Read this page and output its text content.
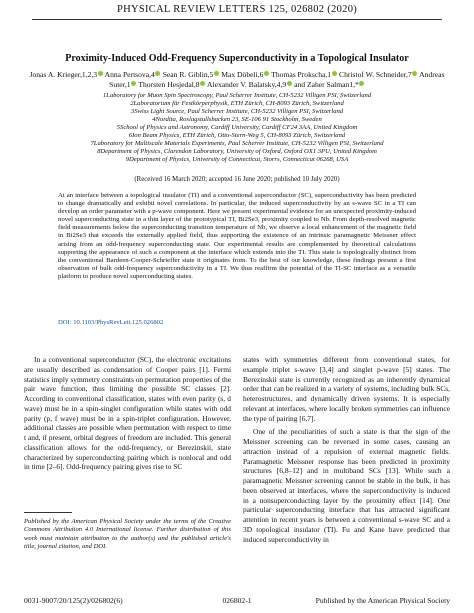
PHYSICAL REVIEW LETTERS 125, 026802 (2020)
Proximity-Induced Odd-Frequency Superconductivity in a Topological Insulator
Jonas A. Krieger,1,2,3 Anna Pertsova,4 Sean R. Giblin,5 Max Döbeli,6 Thomas Prokscha,1 Christof W. Schneider,7 Andreas Suter,1 Thorsten Hesjedal,8 Alexander V. Balatsky,4,9 and Zaher Salman1,*
1Laboratory for Muon Spin Spectroscopy, Paul Scherrer Institute, CH-5232 Villigen PSI, Switzerland
2Laboratorium für Festkörperphysik, ETH Zürich, CH-8093 Zürich, Switzerland
3Swiss Light Source, Paul Scherrer Institute, CH-5232 Villigen PSI, Switzerland
4Nordita, Roslagstullsbacken 23, SE-106 91 Stockholm, Sweden
5School of Physics and Astronomy, Cardiff University, Cardiff CF24 3AA, United Kingdom
6Ion Beam Physics, ETH Zürich, Otto-Stern-Weg 5, CH-8093 Zürich, Switzerland
7Laboratory for Multiscale Materials Experiments, Paul Scherrer Institute, CH-5232 Villigen PSI, Switzerland
8Department of Physics, Clarendon Laboratory, University of Oxford, Oxford OX1 3PU, United Kingdom
9Department of Physics, University of Connecticut, Storrs, Connecticut 06268, USA
(Received 16 March 2020; accepted 16 June 2020; published 10 July 2020)
At an interface between a topological insulator (TI) and a conventional superconductor (SC), superconductivity has been predicted to change dramatically and exhibit novel correlations. In particular, the induced superconductivity by an s-wave SC in a TI can develop an order parameter with a p-wave component. Here we present experimental evidence for an unexpected proximity-induced novel superconducting state in a thin layer of the prototypical TI, Bi2Se3, proximity coupled to Nb. From depth-resolved magnetic field measurements below the superconducting transition temperature of Nb, we observe a local enhancement of the magnetic field in Bi2Se3 that exceeds the externally applied field, thus supporting the existence of an intrinsic paramagnetic Meissner effect arising from an odd-frequency superconducting state. Our experimental results are complemented by theoretical calculations supporting the appearance of such a component at the interface which extends into the TI. This state is topologically distinct from the conventional Bardeen-Cooper-Schrieffer state it originates from. To the best of our knowledge, these findings present a first observation of bulk odd-frequency superconductivity in a TI. We thus reaffirm the potential of the TI-SC interface as a versatile platform to produce novel superconducting states.
DOI: 10.1103/PhysRevLett.125.026802
In a conventional superconductor (SC), the electronic excitations are usually described as condensation of Cooper pairs [1]. Fermi statistics imply symmetry constraints on permutation properties of the pair wave function, thus limiting the possible SC classes [2]. According to conventional classification, states with even parity (s, d wave) must be in a spin-singlet configuration while states with odd parity (p, f wave) must be in a spin-triplet configuration. However, additional classes are possible when permutation with respect to time t and, if present, orbital degrees of freedom are included. This general classification allows for the odd-frequency, or Berezinskii, state characterized by superconducting pairing which is nonlocal and odd in time [2–6]. Odd-frequency pairing gives rise to SC
states with symmetries different from conventional states, for example triplet s-wave [3,4] and singlet p-wave [5] states. The Berezinskii state is currently recognized as an inherently dynamical order that can be realized in a variety of systems, including bulk SCs, heterostructures, and dynamically driven systems. It is especially relevant at interfaces, where locally broken symmetries can influence the type of pairing [6,7].
One of the peculiarities of such a state is that the sign of the Meissner screening can be reversed in some cases, causing an attraction instead of a repulsion of external magnetic fields. Paramagnetic Meissner response has been predicted in proximity structures [6,8–12] and in multiband SCs [13]. While such a paramagnetic Meissner screening cannot be stable in the bulk, it has been observed at interfaces, where the superconductivity is induced in a nonsuperconducting layer by the proximity effect [14]. One particular superconducting interface that has attracted significant attention in recent years is between a conventional s-wave SC and a 3D topological insulator (TI). Fu and Kane have predicted that induced superconductivity in
Published by the American Physical Society under the terms of the Creative Commons Attribution 4.0 International license. Further distribution of this work must maintain attribution to the author(s) and the published article's title, journal citation, and DOI.
0031-9007/20/125(2)/026802(6)	026802-1	Published by the American Physical Society
